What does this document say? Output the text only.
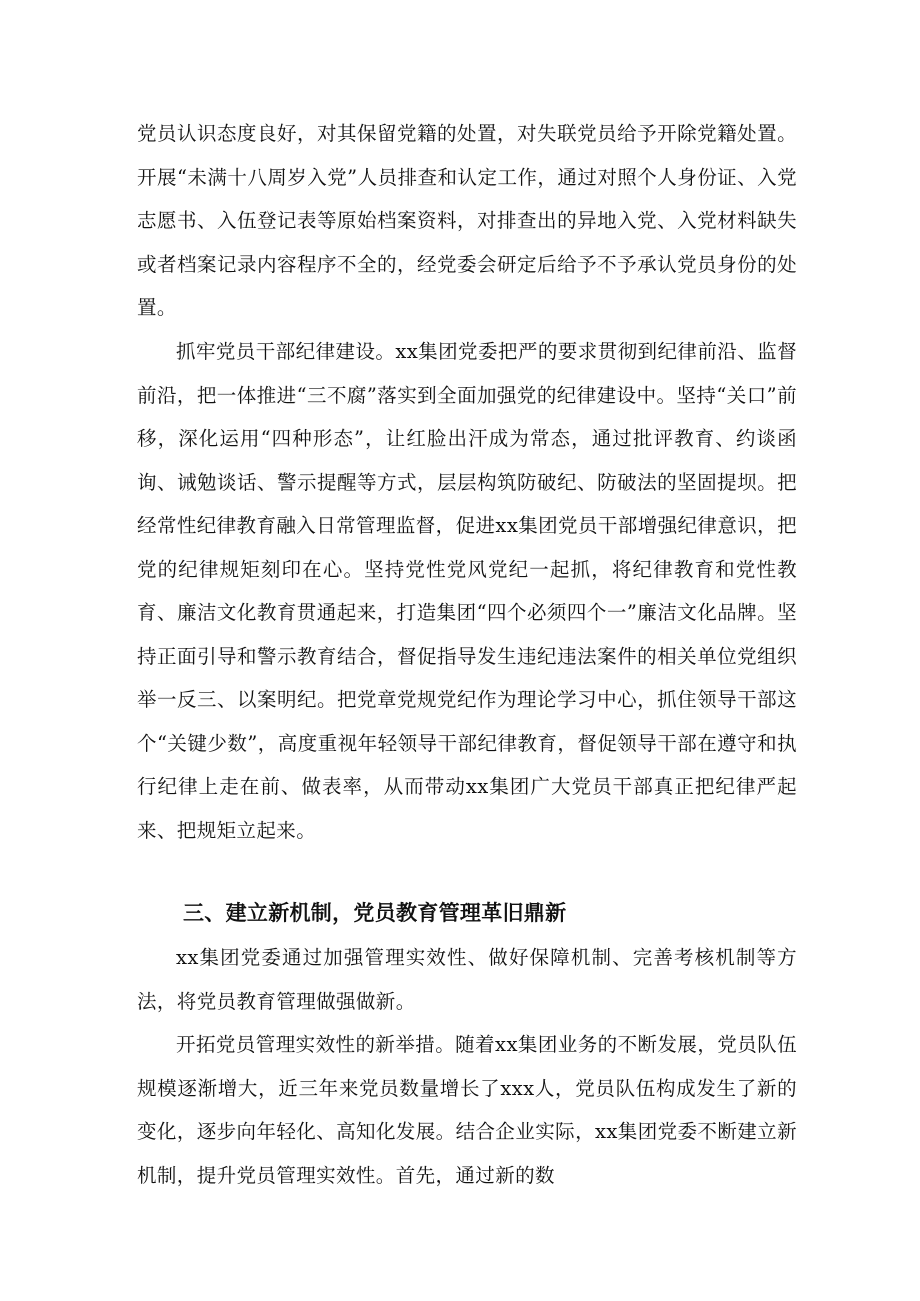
党员认识态度良好，对其保留党籍的处置，对失联党员给予开除党籍处置。开展“未满十八周岁入党”人员排查和认定工作，通过对照个人身份证、入党志愿书、入伍登记表等原始档案资料，对排查出的异地入党、入党材料缺失或者档案记录内容程序不全的，经党委会研定后给予不予承认党员身份的处置。

抓牢党员干部纪律建设。xx集团党委把严的要求贯彻到纪律前沿、监督前沿，把一体推进“三不腐”落实到全面加强党的纪律建设中。坚持“关口”前移，深化运用“四种形态”，让红脸出汗成为常态，通过批评教育、约谈函询、诫勉谈话、警示提醒等方式，层层构筑防破纪、防破法的坚固提坝。把经常性纪律教育融入日常管理监督，促进xx集团党员干部增强纪律意识，把党的纪律规矩刻印在心。坚持党性党风党纪一起抓，将纪律教育和党性教育、廉洁文化教育贯通起来，打造集团“四个必须四个一”廉洁文化品牌。坚持正面引导和警示教育结合，督促指导发生违纪违法案件的相关单位党组织举一反三、以案明纪。把党章党规党纪作为理论学习中心，抓住领导干部这个“关键少数”，高度重视年轻领导干部纪律教育，督促领导干部在遵守和执行纪律上走在前、做表率，从而带动xx集团广大党员干部真正把纪律严起来、把规矩立起来。

三、建立新机制，党员教育管理革旧鼎新

xx集团党委通过加强管理实效性、做好保障机制、完善考核机制等方法，将党员教育管理做强做新。

开拓党员管理实效性的新举措。随着xx集团业务的不断发展，党员队伍规模逐渐增大，近三年来党员数量增长了xxx人，党员队伍构成发生了新的变化，逐步向年轻化、高知化发展。结合企业实际，xx集团党委不断建立新机制，提升党员管理实效性。首先，通过新的数
